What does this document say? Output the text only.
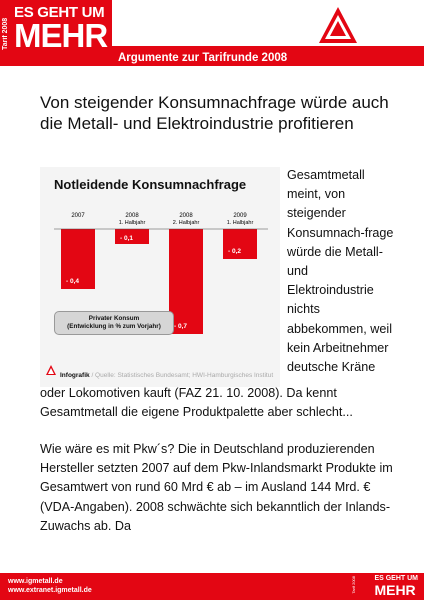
Tarif 2008
ES GEHT UM
MEHR
Argumente zur Tarifrunde 2008
Von steigender Konsumnachfrage würde auch die Metall- und Elektroindustrie profitieren
Notleidende Konsumnachfrage
2007
- 0,4
2008
1. Halbjahr
- 0,1
2008
2. Halbjahr
- 0,7
2009
1. Halbjahr
- 0,2
Privater Konsum
(Entwicklung in % zum Vorjahr)
Infografik / Quelle: Statistisches Bundesamt; HWI-Hamburgisches Institut
Gesamtmetall meint, von steigender Konsumnach-frage würde die Metall- und Elektroindustrie nichts abbekommen, weil kein Arbeitnehmer deutsche Kräne
oder Lokomotiven kauft (FAZ 21. 10. 2008). Da kennt Gesamtmetall die eigene Produktpalette aber schlecht...
Wie wäre es mit Pkw´s? Die in Deutschland produzierenden Hersteller setzten 2007 auf dem Pkw-Inlandsmarkt Produkte im Gesamtwert von rund 60 Mrd € ab – im Ausland 144 Mrd. € (VDA-Angaben). 2008 schwächte sich bekanntlich der Inlands-Zuwachs ab. Da
www.igmetall.de
www.extranet.igmetall.de	Tarif 2008	ES GEHT UM
MEHR
